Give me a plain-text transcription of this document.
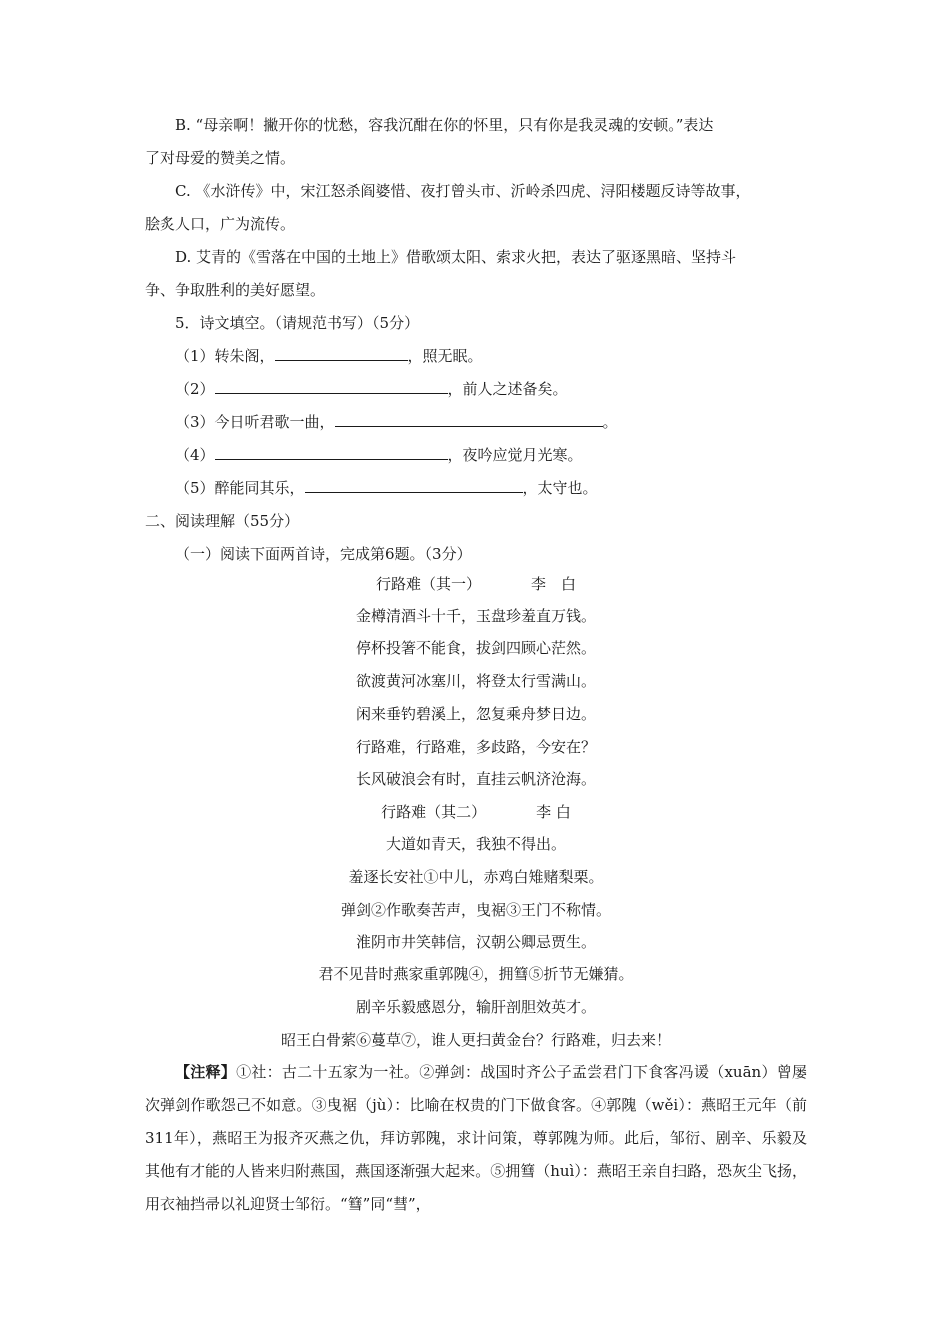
B. “母亲啊！撇开你的忧愁，容我沉酣在你的怀里，只有你是我灵魂的安顿。”表达

了对母爱的赞美之情。

C. 《水浒传》中，宋江怒杀阎婆惜、夜打曾头市、沂岭杀四虎、浔阳楼题反诗等故事，

脍炙人口，广为流传。

D. 艾青的《雪落在中国的土地上》借歌颂太阳、索求火把，表达了驱逐黑暗、坚持斗

争、争取胜利的美好愿望。

5．诗文填空。（请规范书写）（5分）

（1）转朱阁，	，照无眠。

（2）	，前人之述备矣。

（3）今日听君歌一曲，	。

（4）	，夜吟应觉月光寒。

（5）醉能同其乐，	，太守也。

二、阅读理解（55分）

（一）阅读下面两首诗，完成第6题。（3分）

行路难（其一）	李　白

金樽清酒斗十千，玉盘珍羞直万钱。

停杯投箸不能食，拔剑四顾心茫然。

欲渡黄河冰塞川，将登太行雪满山。

闲来垂钓碧溪上，忽复乘舟梦日边。

行路难，行路难，多歧路，今安在？

长风破浪会有时，直挂云帆济沧海。

行路难（其二）	李 白

大道如青天，我独不得出。

羞逐长安社①中儿，赤鸡白雉赌梨栗。

弹剑②作歌奏苦声，曳裾③王门不称情。

淮阴市井笑韩信，汉朝公卿忌贾生。

君不见昔时燕家重郭隗④，拥篲⑤折节无嫌猜。

剧辛乐毅感恩分，输肝剖胆效英才。

昭王白骨萦⑥蔓草⑦，谁人更扫黄金台？行路难，归去来！

【注释】①社：古二十五家为一社。②弹剑：战国时齐公子孟尝君门下食客冯谖（xuān）曾屡次弹剑作歌怨己不如意。③曳裾（jù）：比喻在权贵的门下做食客。④郭隗（wěi）：燕昭王元年（前311年），燕昭王为报齐灭燕之仇，拜访郭隗，求计问策，尊郭隗为师。此后，邹衍、剧辛、乐毅及其他有才能的人皆来归附燕国，燕国逐渐强大起来。⑤拥篲（huì）：燕昭王亲自扫路，恐灰尘飞扬，用衣袖挡帚以礼迎贤士邹衍。“篲”同“彗”，
